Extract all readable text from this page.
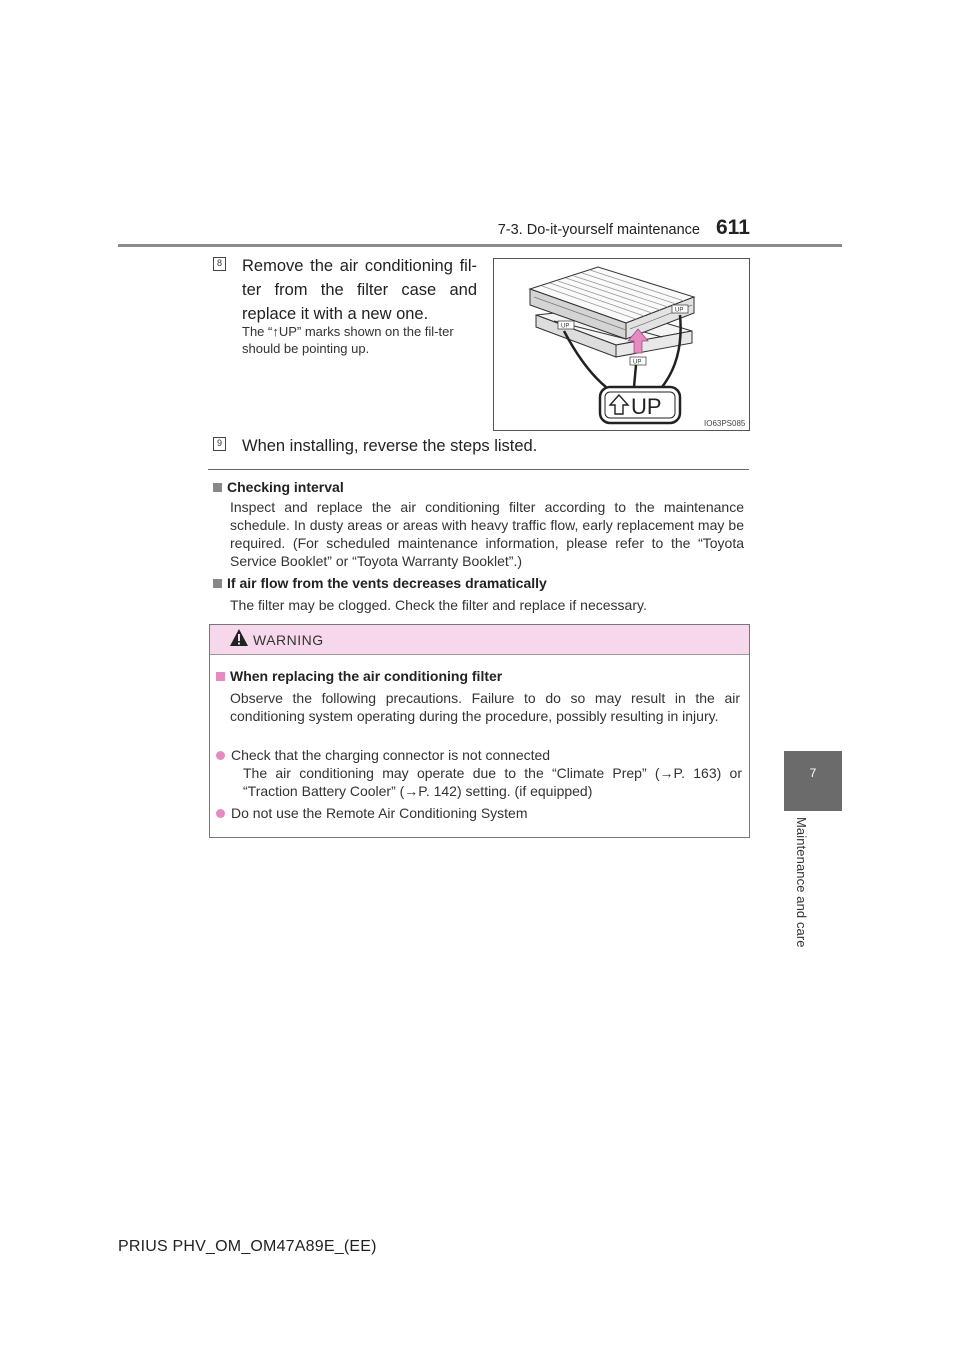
7-3. Do-it-yourself maintenance 611
7
Maintenance and care
8 Remove the air conditioning fil-ter from the filter case and replace it with a new one.
The “↑UP” marks shown on the fil-ter should be pointing up.
UP
UP
UP
UP
IO63PS085
9 When installing, reverse the steps listed.
Checking interval
Inspect and replace the air conditioning filter according to the maintenance schedule. In dusty areas or areas with heavy traffic flow, early replacement may be required. (For scheduled maintenance information, please refer to the “Toyota Service Booklet” or “Toyota Warranty Booklet”.)
If air flow from the vents decreases dramatically
The filter may be clogged. Check the filter and replace if necessary.
WARNING
When replacing the air conditioning filter
Observe the following precautions. Failure to do so may result in the air conditioning system operating during the procedure, possibly resulting in injury.
Check that the charging connector is not connected
The air conditioning may operate due to the “Climate Prep” (→P. 163) or “Traction Battery Cooler” (→P. 142) setting. (if equipped)
Do not use the Remote Air Conditioning System
PRIUS PHV_OM_OM47A89E_(EE)
